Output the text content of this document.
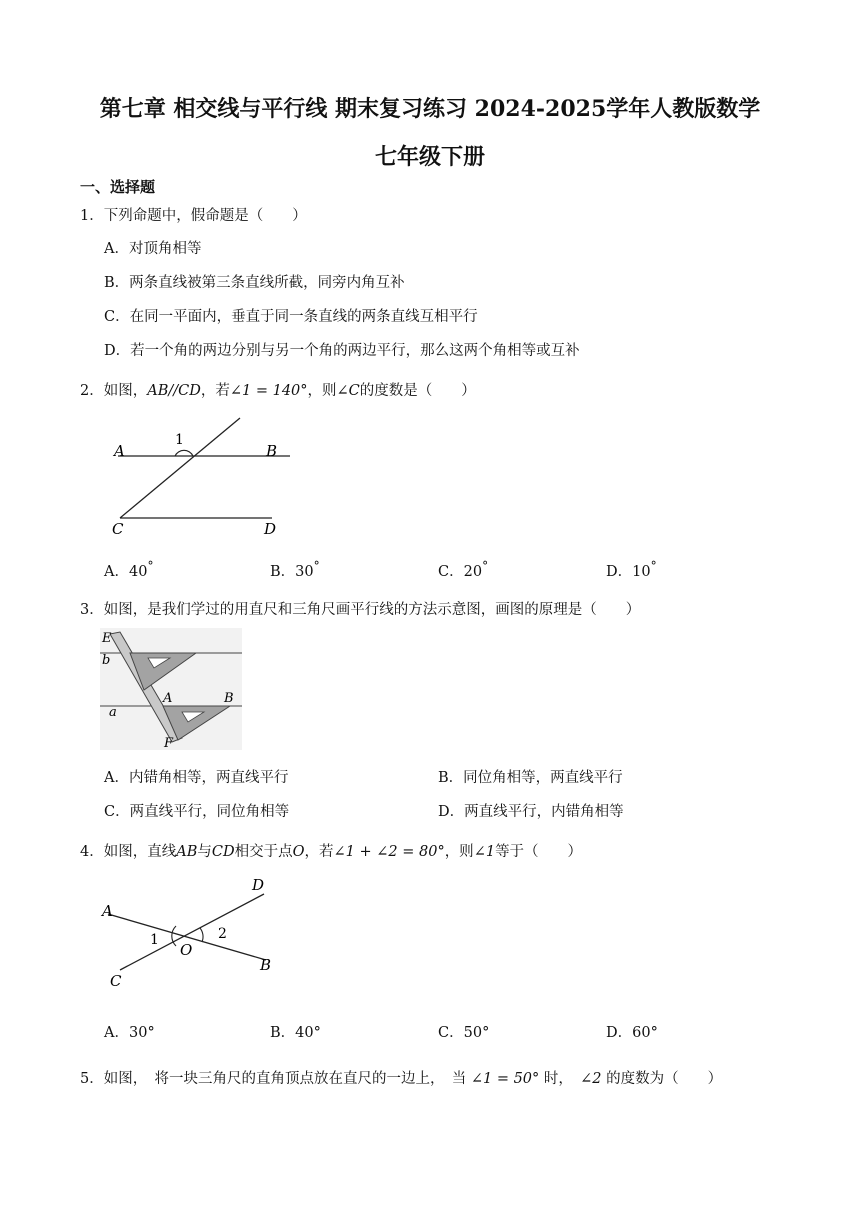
第七章 相交线与平行线 期末复习练习 2024-2025学年人教版数学
七年级下册
一、选择题
1．下列命题中，假命题是（　　）
A．对顶角相等
B．两条直线被第三条直线所截，同旁内角互补
C．在同一平面内，垂直于同一条直线的两条直线互相平行
D．若一个角的两边分别与另一个角的两边平行，那么这两个角相等或互补
2．如图，AB//CD，若∠1 = 140°，则∠C的度数是（　　）
A	B
C	D
1
A．40°	B．30°	C．20°	D．10°
3．如图，是我们学过的用直尺和三角尺画平行线的方法示意图，画图的原理是（　　）
E
b
A	B
a
F
A．内错角相等，两直线平行	B．同位角相等，两直线平行
C．两直线平行，同位角相等	D．两直线平行，内错角相等
4．如图，直线AB与CD相交于点O，若∠1 + ∠2 = 80°，则∠1等于（　　）
A
B
C
D
O
1	2
A．30°	B．40°	C．50°	D．60°
5．如图，　将一块三角尺的直角顶点放在直尺的一边上，　当 ∠1 = 50° 时，　 ∠2 的度数为（　　）
